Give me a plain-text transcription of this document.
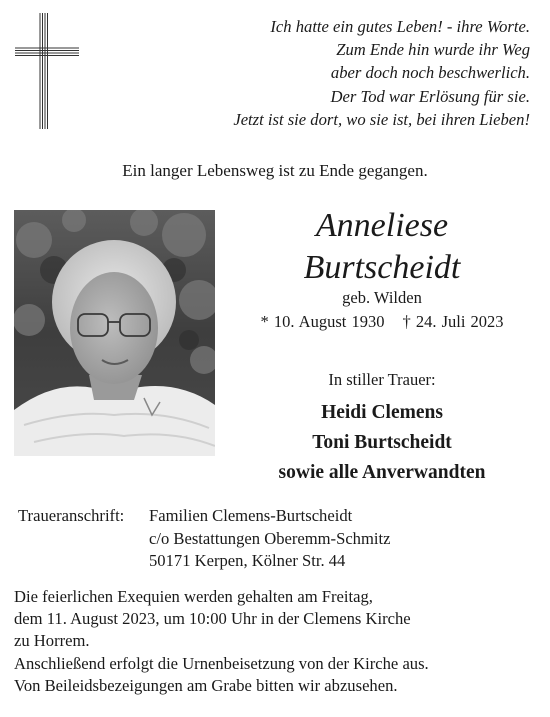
Ich hatte ein gutes Leben! - ihre Worte.
Zum Ende hin wurde ihr Weg
aber doch noch beschwerlich.
Der Tod war Erlösung für sie.
Jetzt ist sie dort, wo sie ist, bei ihren Lieben!
Ein langer Lebensweg ist zu Ende gegangen.
Anneliese
Burtscheidt
geb. Wilden
* 10. August 1930 † 24. Juli 2023
In stiller Trauer:
Heidi Clemens
Toni Burtscheidt
sowie alle Anverwandten
Traueranschrift:	Familien Clemens-Burtscheidt
c/o Bestattungen Oberemm-Schmitz
50171 Kerpen, Kölner Str. 44
Die feierlichen Exequien werden gehalten am Freitag,
dem 11. August 2023, um 10:00 Uhr in der Clemens Kirche
zu Horrem.
Anschließend erfolgt die Urnenbeisetzung von der Kirche aus.
Von Beileidsbezeigungen am Grabe bitten wir abzusehen.
